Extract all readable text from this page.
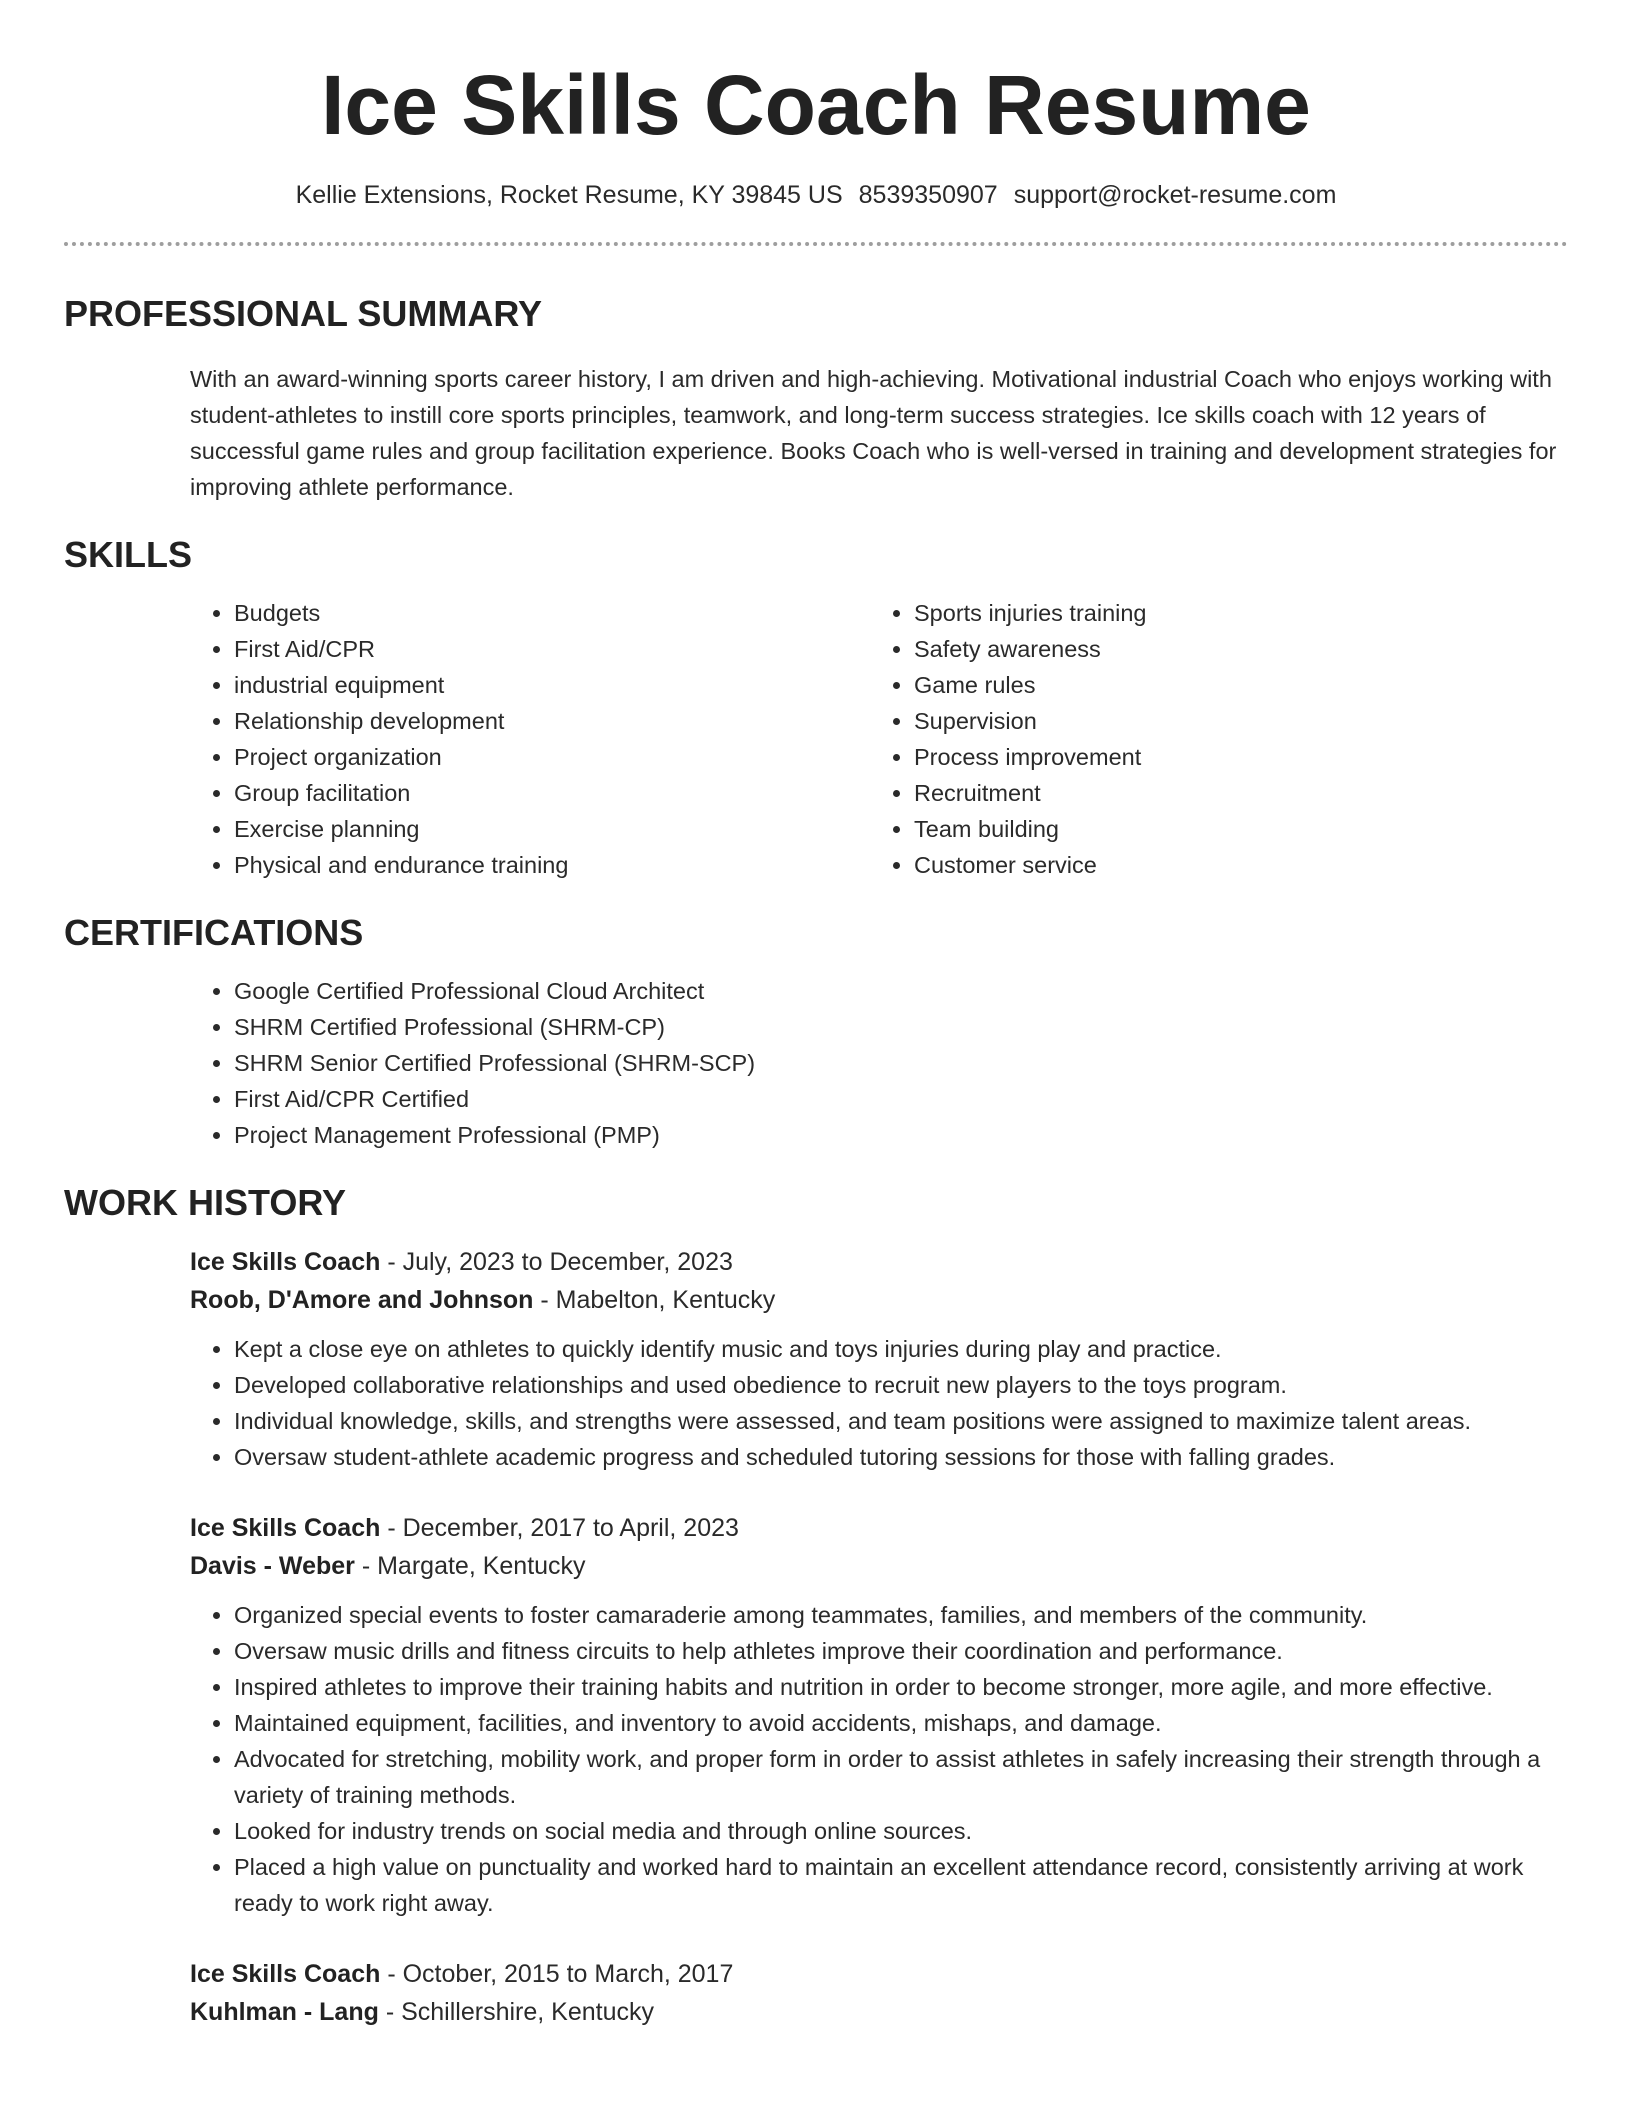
Ice Skills Coach Resume
Kellie Extensions, Rocket Resume, KY 39845 US 8539350907 support@rocket-resume.com
PROFESSIONAL SUMMARY

With an award-winning sports career history, I am driven and high-achieving. Motivational industrial Coach who enjoys working with student-athletes to instill core sports principles, teamwork, and long-term success strategies. Ice skills coach with 12 years of successful game rules and group facilitation experience. Books Coach who is well-versed in training and development strategies for improving athlete performance.

SKILLS
• Budgets
• First Aid/CPR
• industrial equipment
• Relationship development
• Project organization
• Group facilitation
• Exercise planning
• Physical and endurance training
• Sports injuries training
• Safety awareness
• Game rules
• Supervision
• Process improvement
• Recruitment
• Team building
• Customer service
CERTIFICATIONS
• Google Certified Professional Cloud Architect
• SHRM Certified Professional (SHRM-CP)
• SHRM Senior Certified Professional (SHRM-SCP)
• First Aid/CPR Certified
• Project Management Professional (PMP)
WORK HISTORY
Ice Skills Coach - July, 2023 to December, 2023
Roob, D'Amore and Johnson - Mabelton, Kentucky
• Kept a close eye on athletes to quickly identify music and toys injuries during play and practice.
• Developed collaborative relationships and used obedience to recruit new players to the toys program.
• Individual knowledge, skills, and strengths were assessed, and team positions were assigned to maximize talent areas.
• Oversaw student-athlete academic progress and scheduled tutoring sessions for those with falling grades.
Ice Skills Coach - December, 2017 to April, 2023
Davis - Weber - Margate, Kentucky
• Organized special events to foster camaraderie among teammates, families, and members of the community.
• Oversaw music drills and fitness circuits to help athletes improve their coordination and performance.
• Inspired athletes to improve their training habits and nutrition in order to become stronger, more agile, and more effective.
• Maintained equipment, facilities, and inventory to avoid accidents, mishaps, and damage.
• Advocated for stretching, mobility work, and proper form in order to assist athletes in safely increasing their strength through a variety of training methods.
• Looked for industry trends on social media and through online sources.
• Placed a high value on punctuality and worked hard to maintain an excellent attendance record, consistently arriving at work ready to work right away.
Ice Skills Coach - October, 2015 to March, 2017
Kuhlman - Lang - Schillershire, Kentucky
